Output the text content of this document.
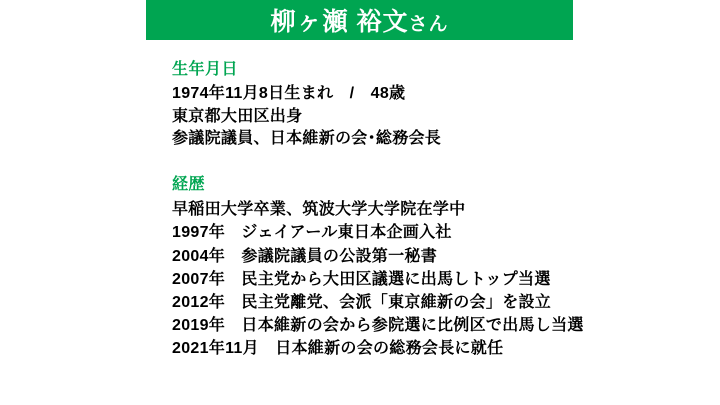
柳ヶ瀬 裕文さん
生年月日

1974年11月8日生まれ　/　48歳

東京都大田区出身

参議院議員、日本維新の会･総務会長

経歴

早稲田大学卒業、筑波大学大学院在学中

1997年　ジェイアール東日本企画入社

2004年　参議院議員の公設第一秘書

2007年　民主党から大田区議選に出馬しトップ当選

2012年　民主党離党、会派「東京維新の会」を設立

2019年　日本維新の会から参院選に比例区で出馬し当選

2021年11月　日本維新の会の総務会長に就任
